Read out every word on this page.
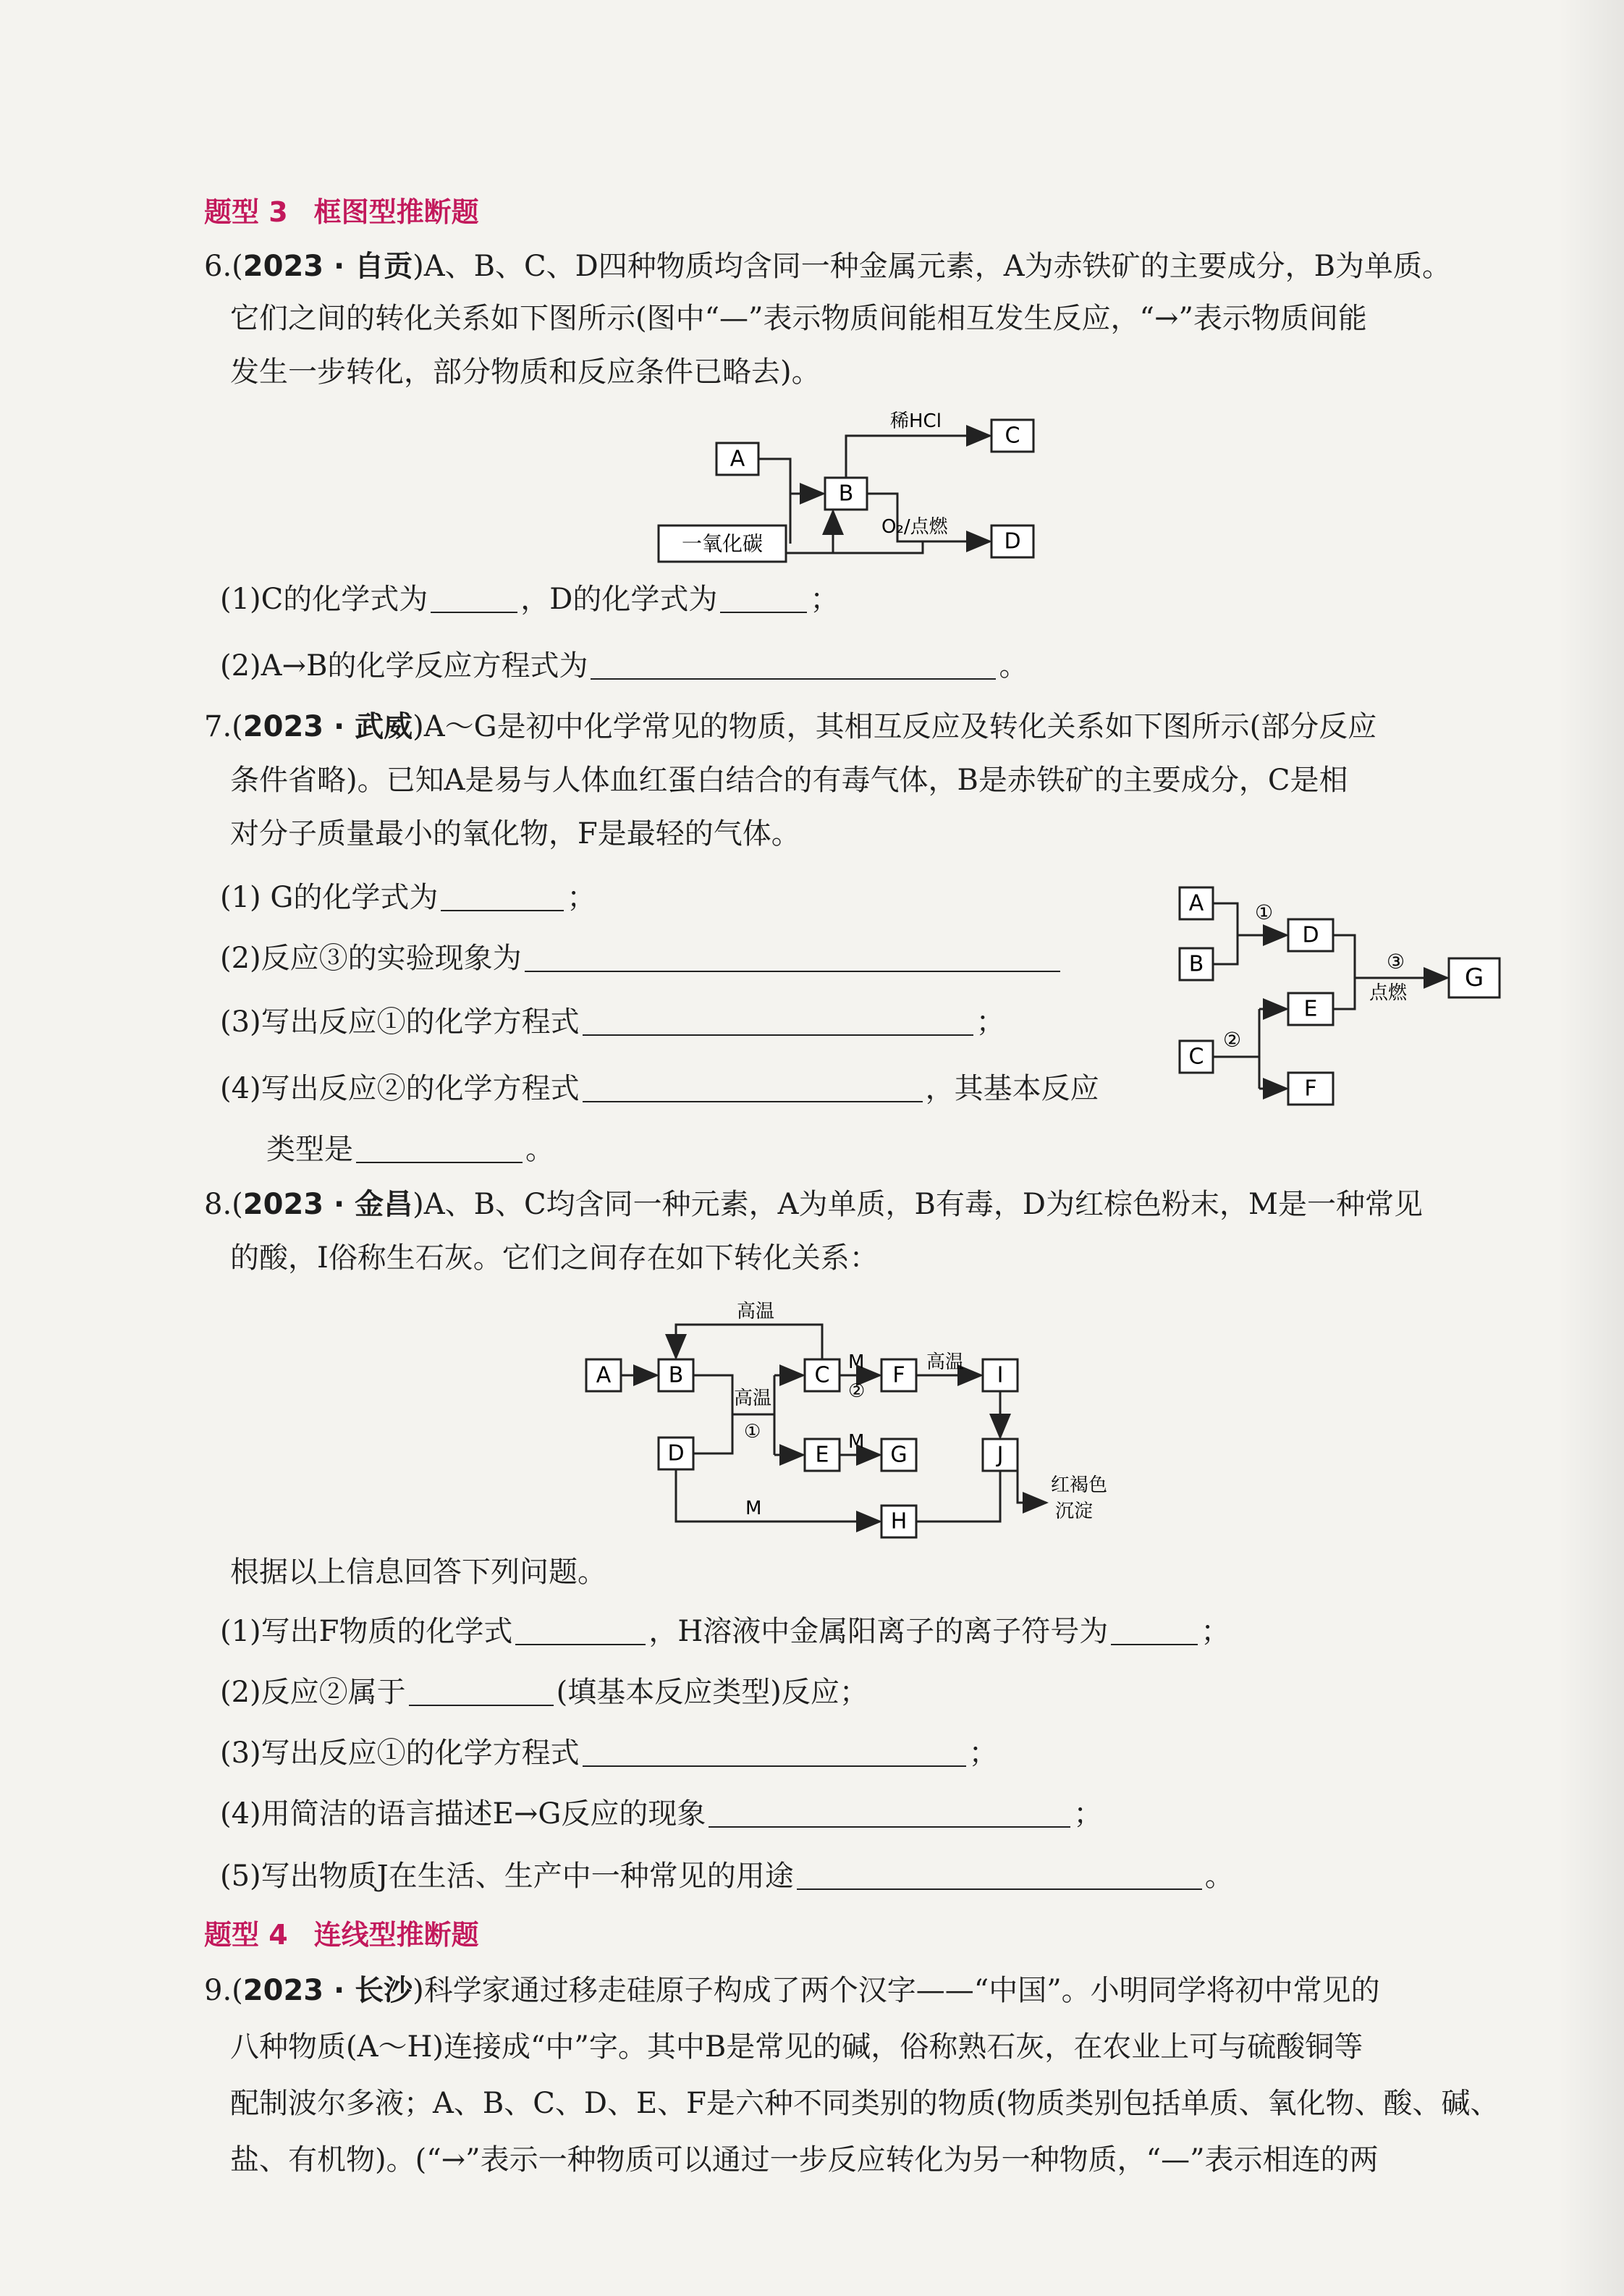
题型 3 框图型推断题
6.(2023 · 自贡)A、B、C、D四种物质均含同一种金属元素，A为赤铁矿的主要成分，B为单质。
它们之间的转化关系如下图所示(图中“—”表示物质间能相互发生反应，“→”表示物质间能
发生一步转化，部分物质和反应条件已略去)。
A
B
C
D
一氧化碳
稀HCl
O₂/点燃
(1)C的化学式为	，D的化学式为	；
(2)A→B的化学反应方程式为	。
7.(2023 · 武威)A～G是初中化学常见的物质，其相互反应及转化关系如下图所示(部分反应
条件省略)。已知A是易与人体血红蛋白结合的有毒气体，B是赤铁矿的主要成分，C是相
对分子质量最小的氧化物，F是最轻的气体。
(1) G的化学式为	；
(2)反应③的实验现象为
(3)写出反应①的化学方程式	；
(4)写出反应②的化学方程式	，其基本反应
类型是	。
A
B
D
E
C
F
G
①
③
点燃
②
8.(2023 · 金昌)A、B、C均含同一种元素，A为单质，B有毒，D为红棕色粉末，M是一种常见
的酸，I俗称生石灰。它们之间存在如下转化关系：
A	B
D
C
E
F
G
I
J
H
高温
高温
①
M
②
高温
M
M
红褐色
沉淀
根据以上信息回答下列问题。
(1)写出F物质的化学式	，H溶液中金属阳离子的离子符号为	；
(2)反应②属于	(填基本反应类型)反应；
(3)写出反应①的化学方程式	；
(4)用简洁的语言描述E→G反应的现象	；
(5)写出物质J在生活、生产中一种常见的用途	。
题型 4 连线型推断题
9.(2023 · 长沙)科学家通过移走硅原子构成了两个汉字——“中国”。小明同学将初中常见的
八种物质(A～H)连接成“中”字。其中B是常见的碱，俗称熟石灰，在农业上可与硫酸铜等
配制波尔多液；A、B、C、D、E、F是六种不同类别的物质(物质类别包括单质、氧化物、酸、碱、
盐、有机物)。(“→”表示一种物质可以通过一步反应转化为另一种物质，“—”表示相连的两
